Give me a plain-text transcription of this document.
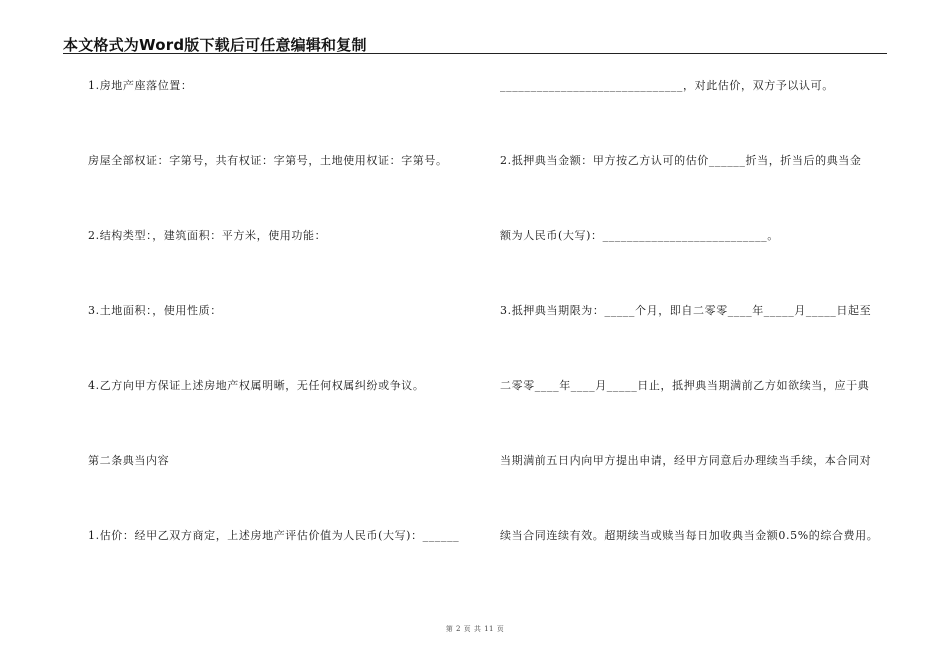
本文格式为Word版下载后可任意编辑和复制
1.房地产座落位置：
房屋全部权证：字第号，共有权证：字第号，土地使用权证：字第号。
2.结构类型：，建筑面积：平方米，使用功能：
3.土地面积：，使用性质：
4.乙方向甲方保证上述房地产权属明晰，无任何权属纠纷或争议。
第二条典当内容
1.估价：经甲乙双方商定，上述房地产评估价值为人民币(大写)：______
______________________________，对此估价，双方予以认可。
2.抵押典当金额：甲方按乙方认可的估价______折当，折当后的典当金
额为人民币(大写)：___________________________。
3.抵押典当期限为：_____个月，即自二零零____年_____月_____日起至
二零零____年____月_____日止，抵押典当期满前乙方如欲续当，应于典
当期满前五日内向甲方提出申请，经甲方同意后办理续当手续，本合同对
续当合同连续有效。超期续当或赎当每日加收典当金额0.5%的综合费用。
第 2 页 共 11 页
